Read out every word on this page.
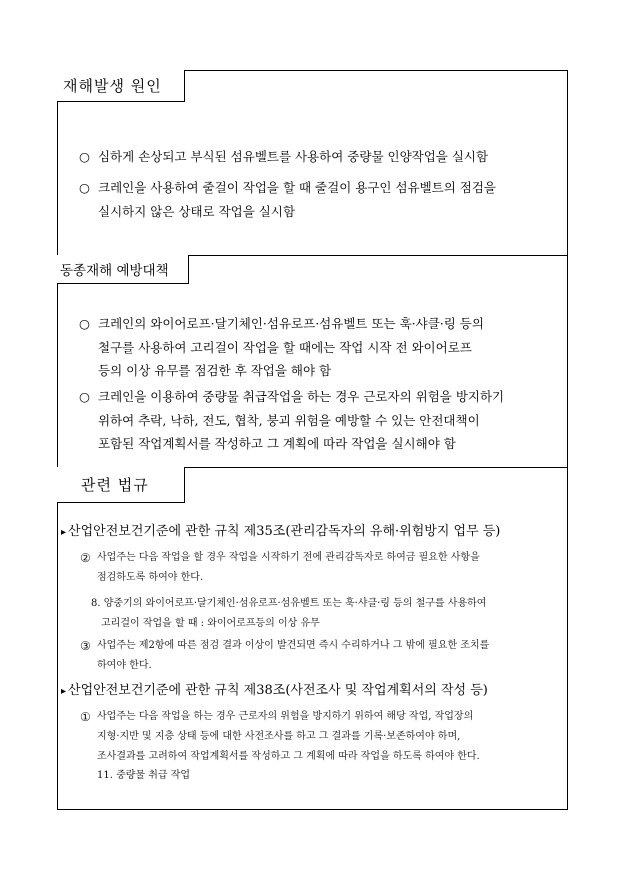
재해발생 원인
○ 심하게 손상되고 부식된 섬유벨트를 사용하여 중량물 인양작업을 실시함
○ 크레인을 사용하여 줄걸이 작업을 할 때 줄걸이 용구인 섬유벨트의 점검을
실시하지 않은 상태로 작업을 실시함
동종재해 예방대책
○ 크레인의 와이어로프·달기체인·섬유로프·섬유벨트 또는 훅·샤클·링 등의
철구를 사용하여 고리걸이 작업을 할 때에는 작업 시작 전 와이어로프
등의 이상 유무를 점검한 후 작업을 해야 함
○ 크레인을 이용하여 중량물 취급작업을 하는 경우 근로자의 위험을 방지하기
위하여 추락, 낙하, 전도, 협착, 붕괴 위험을 예방할 수 있는 안전대책이
포함된 작업계획서를 작성하고 그 계획에 따라 작업을 실시해야 함
관련 법규
▸ 산업안전보건기준에 관한 규칙 제35조(관리감독자의 유해·위험방지 업무 등)
② 사업주는 다음 작업을 할 경우 작업을 시작하기 전에 관리감독자로 하여금 필요한 사항을
점검하도록 하여야 한다.
8. 양중기의 와이어로프·달기체인·섬유로프·섬유벨트 또는 훅·샤클·링 등의 철구를 사용하여
고리걸이 작업을 할 때 : 와이어로프등의 이상 유무
③ 사업주는 제2항에 따른 점검 결과 이상이 발견되면 즉시 수리하거나 그 밖에 필요한 조치를
하여야 한다.
▸ 산업안전보건기준에 관한 규칙 제38조(사전조사 및 작업계획서의 작성 등)
① 사업주는 다음 작업을 하는 경우 근로자의 위험을 방지하기 위하여 해당 작업, 작업장의
지형·지반 및 지층 상태 등에 대한 사전조사를 하고 그 결과를 기록·보존하여야 하며,
조사결과를 고려하여 작업계획서를 작성하고 그 계획에 따라 작업을 하도록 하여야 한다.
11. 중량물 취급 작업
